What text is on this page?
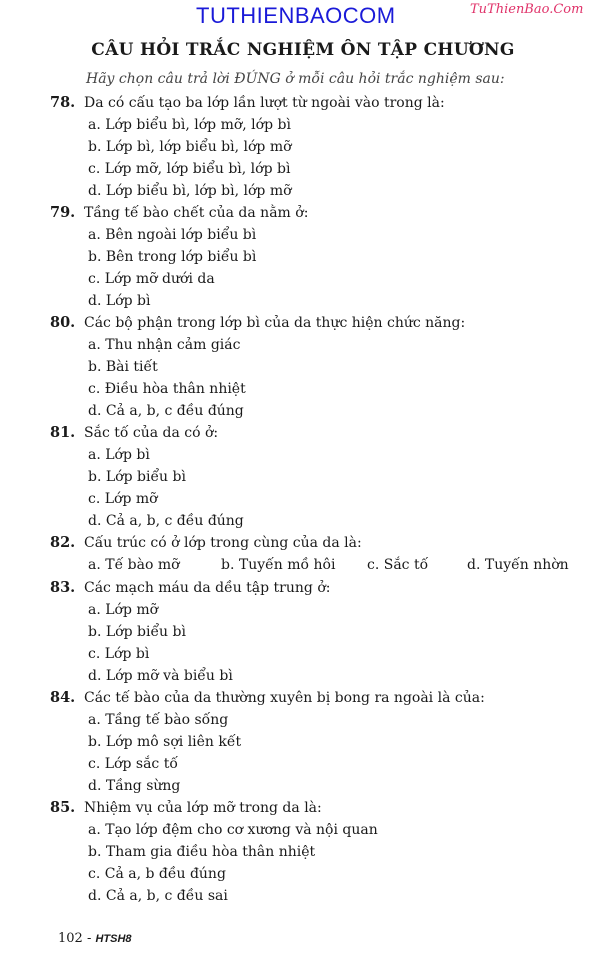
TUTHIENBAOCOM	TuThienBao.Com
CÂU HỎI TRẮC NGHIỆM ÔN TẬP CHƯƠNG
Hãy chọn câu trả lời ĐÚNG ở mỗi câu hỏi trắc nghiệm sau:
78. Da có cấu tạo ba lớp lần lượt từ ngoài vào trong là:
a. Lớp biểu bì, lớp mỡ, lớp bì
b. Lớp bì, lớp biểu bì, lớp mỡ
c. Lớp mỡ, lớp biểu bì, lớp bì
d. Lớp biểu bì, lớp bì, lớp mỡ
79. Tầng tế bào chết của da nằm ở:
a. Bên ngoài lớp biểu bì
b. Bên trong lớp biểu bì
c. Lớp mỡ dưới da
d. Lớp bì
80. Các bộ phận trong lớp bì của da thực hiện chức năng:
a. Thu nhận cảm giác
b. Bài tiết
c. Điều hòa thân nhiệt
d. Cả a, b, c đều đúng
81. Sắc tố của da có ở:
a. Lớp bì
b. Lớp biểu bì
c. Lớp mỡ
d. Cả a, b, c đều đúng
82. Cấu trúc có ở lớp trong cùng của da là:
a. Tế bào mỡ	b. Tuyến mồ hôi c. Sắc tố	d. Tuyến nhờn
83. Các mạch máu da dều tập trung ở:
a. Lớp mỡ
b. Lớp biểu bì
c. Lớp bì
d. Lớp mỡ và biểu bì
84. Các tế bào của da thường xuyên bị bong ra ngoài là của:
a. Tầng tế bào sống
b. Lớp mô sợi liên kết
c. Lớp sắc tố
d. Tầng sừng
85. Nhiệm vụ của lớp mỡ trong da là:
a. Tạo lớp đệm cho cơ xương và nội quan
b. Tham gia điều hòa thân nhiệt
c. Cả a, b đều đúng
d. Cả a, b, c đều sai
102 - HTSH8
